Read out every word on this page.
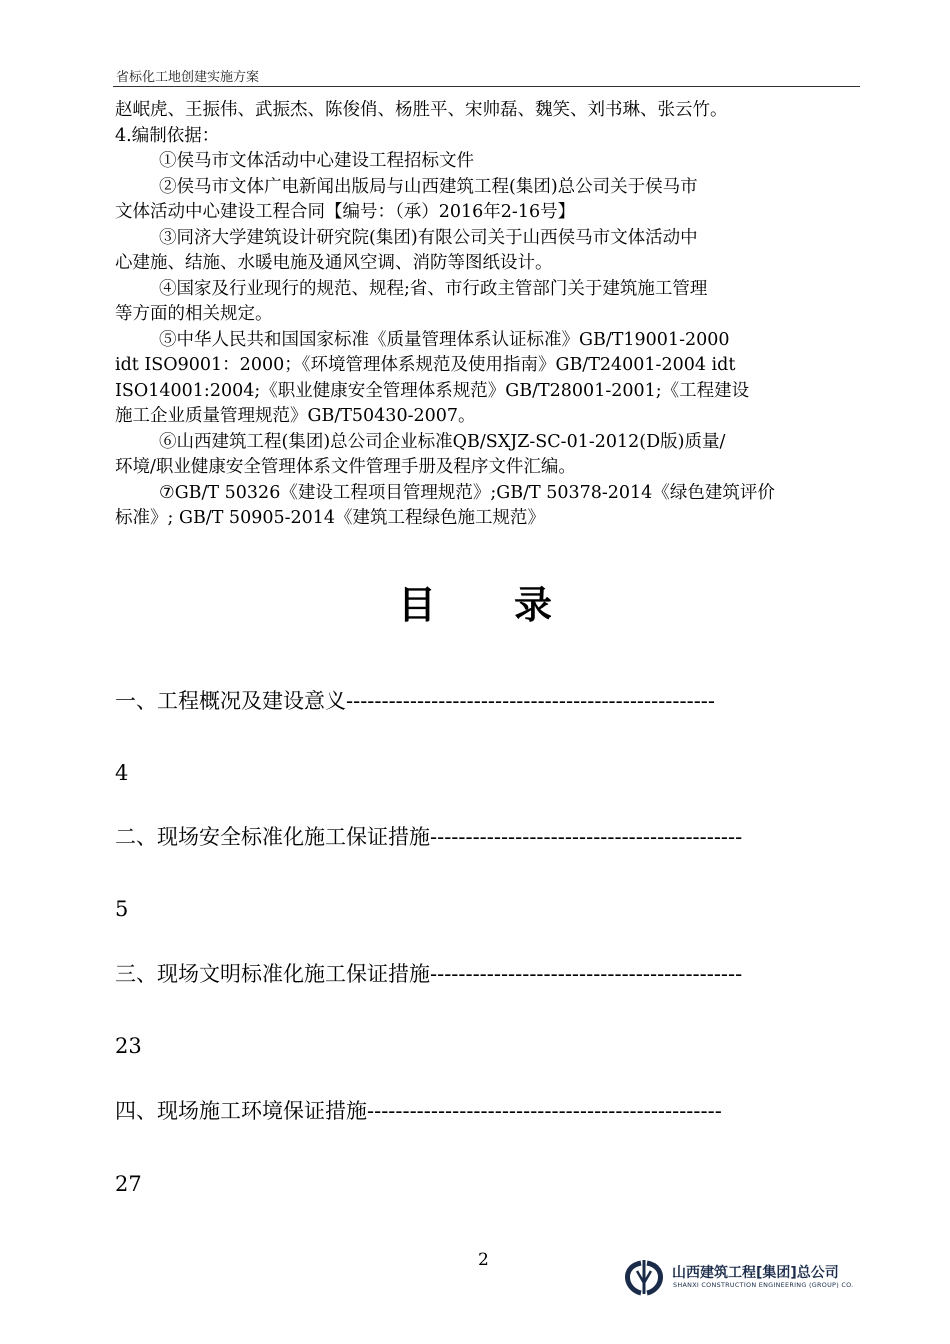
省标化工地创建实施方案

赵岷虎、王振伟、武振杰、陈俊俏、杨胜平、宋帅磊、魏笑、刘书琳、张云竹。

4.编制依据：

①侯马市文体活动中心建设工程招标文件

②侯马市文体广电新闻出版局与山西建筑工程(集团)总公司关于侯马市

文体活动中心建设工程合同【编号：（承）2016年2-16号】

③同济大学建筑设计研究院(集团)有限公司关于山西侯马市文体活动中

心建施、结施、水暖电施及通风空调、消防等图纸设计。

④国家及行业现行的规范、规程;省、市行政主管部门关于建筑施工管理

等方面的相关规定。

⑤中华人民共和国国家标准《质量管理体系认证标准》GB/T19001-2000

idt ISO9001：2000；《环境管理体系规范及使用指南》GB/T24001-2004 idt

ISO14001:2004;《职业健康安全管理体系规范》GB/T28001-2001;《工程建设

施工企业质量管理规范》GB/T50430-2007。

⑥山西建筑工程(集团)总公司企业标准QB/SXJZ-SC-01-2012(D版)质量/

环境/职业健康安全管理体系文件管理手册及程序文件汇编。

⑦GB/T 50326《建设工程项目管理规范》;GB/T 50378-2014《绿色建筑评价

标准》; GB/T 50905-2014《建筑工程绿色施工规范》

目 录
一、工程概况及建设意义----------------------------------------------------
4
二、现场安全标准化施工保证措施--------------------------------------------
5
三、现场文明标准化施工保证措施--------------------------------------------
23
四、现场施工环境保证措施--------------------------------------------------
27
2
山西建筑工程[集团]总公司
SHANXI CONSTRUCTION ENGINEERING (GROUP) CO.
